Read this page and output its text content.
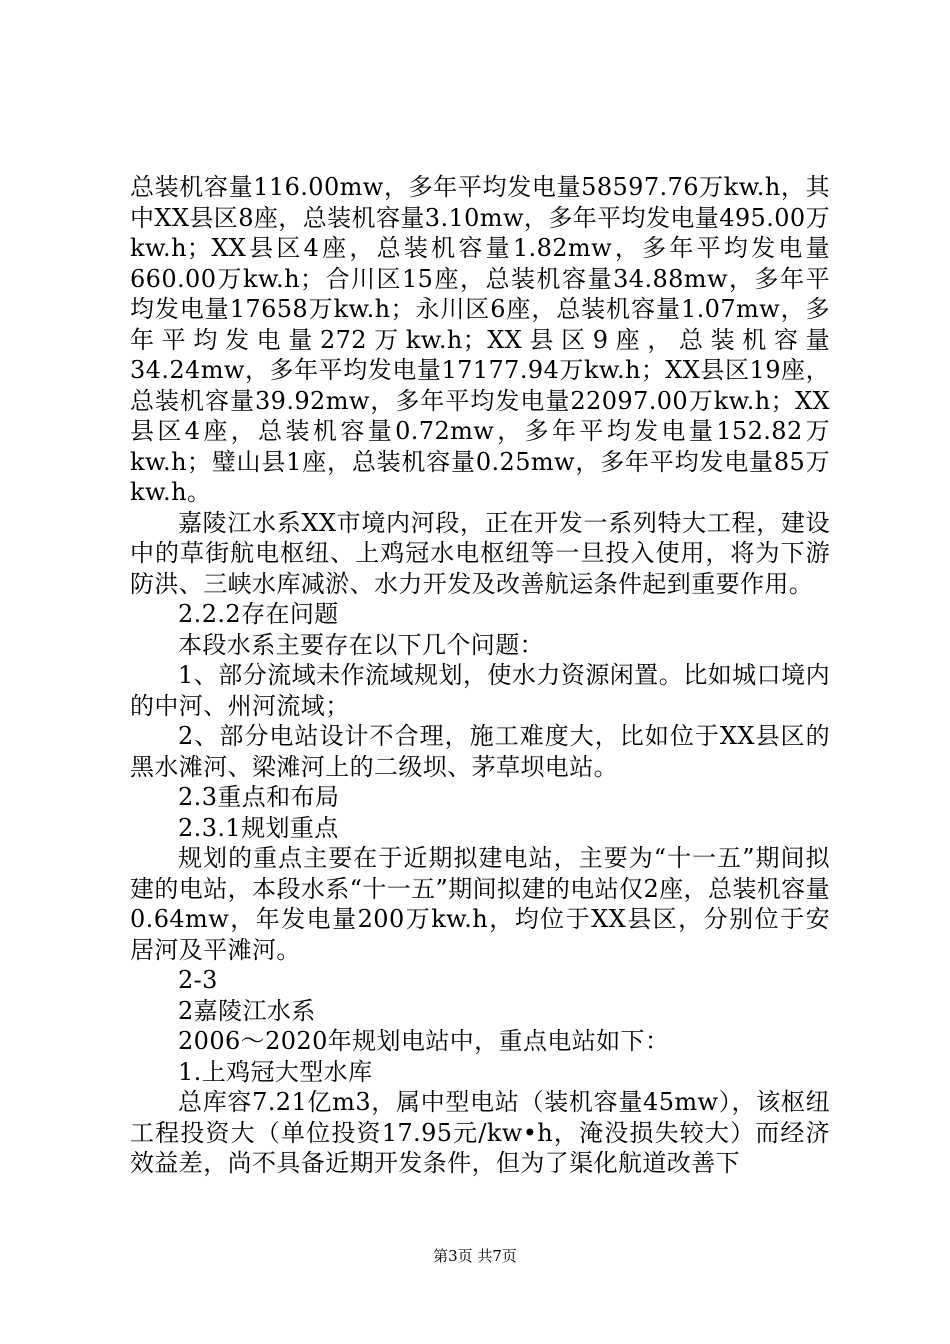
总装机容量116.00mw，多年平均发电量58597.76万kw.h，其中XX县区8座，总装机容量3.10mw，多年平均发电量495.00万kw.h；XX县区4座，总装机容量1.82mw，多年平均发电量660.00万kw.h；合川区15座，总装机容量34.88mw，多年平均发电量17658万kw.h；永川区6座，总装机容量1.07mw，多年平均发电量272万kw.h；XX县区9座，总装机容量34.24mw，多年平均发电量17177.94万kw.h；XX县区19座，总装机容量39.92mw，多年平均发电量22097.00万kw.h；XX县区4座，总装机容量0.72mw，多年平均发电量152.82万kw.h；璧山县1座，总装机容量0.25mw，多年平均发电量85万kw.h。

嘉陵江水系XX市境内河段，正在开发一系列特大工程，建设中的草街航电枢纽、上鸡冠水电枢纽等一旦投入使用，将为下游防洪、三峡水库减淤、水力开发及改善航运条件起到重要作用。

2.2.2存在问题

本段水系主要存在以下几个问题：

1、部分流域未作流域规划，使水力资源闲置。比如城口境内的中河、州河流域；

2、部分电站设计不合理，施工难度大，比如位于XX县区的黑水滩河、梁滩河上的二级坝、茅草坝电站。

2.3重点和布局

2.3.1规划重点

规划的重点主要在于近期拟建电站，主要为“十一五”期间拟建的电站，本段水系“十一五”期间拟建的电站仅2座，总装机容量0.64mw，年发电量200万kw.h，均位于XX县区，分别位于安居河及平滩河。

2-3

2嘉陵江水系

2006～2020年规划电站中，重点电站如下：

1.上鸡冠大型水库

总库容7.21亿m3，属中型电站（装机容量45mw），该枢纽工程投资大（单位投资17.95元/kw•h，淹没损失较大）而经济效益差，尚不具备近期开发条件，但为了渠化航道改善下

第3页 共7页
